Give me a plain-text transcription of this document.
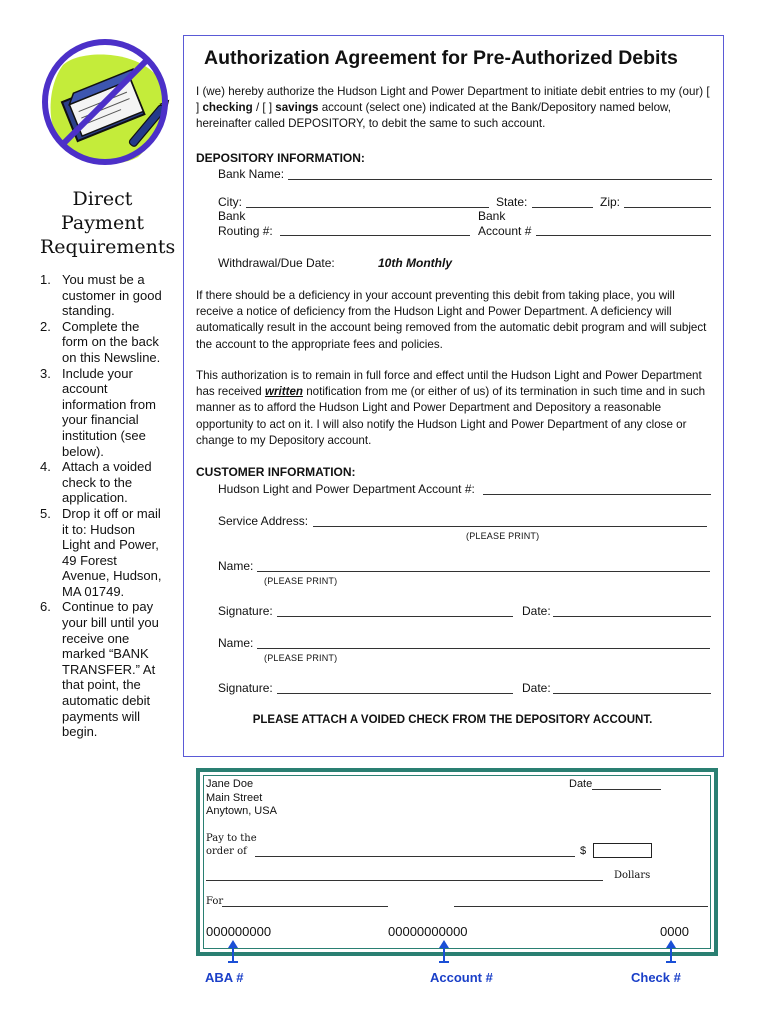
Direct
Payment
Requirements
1. You must be a customer in good standing.
2. Complete the form on the back on this Newsline.
3. Include your account information from your financial institution (see below).
4. Attach a voided check to the application.
5. Drop it off or mail it to: Hudson Light and Power, 49 Forest Avenue, Hudson, MA 01749.
6. Continue to pay your bill until you receive one marked “BANK TRANSFER.” At that point, the automatic debit payments will begin.
Authorization Agreement for Pre-Authorized Debits
I (we) hereby authorize the Hudson Light and Power Department to initiate debit entries to my (our) [ ] checking / [ ] savings account (select one) indicated at the Bank/Depository named below, hereinafter called DEPOSITORY, to debit the same to such account.
DEPOSITORY INFORMATION:
Bank Name:
City:	State:	Zip:
Bank
Routing #:
Bank
Account #
Withdrawal/Due Date:	10th Monthly
If there should be a deficiency in your account preventing this debit from taking place, you will receive a notice of deficiency from the Hudson Light and Power Department. A deficiency will automatically result in the account being removed from the automatic debit program and will subject the account to the appropriate fees and policies.
This authorization is to remain in full force and effect until the Hudson Light and Power Department has received written notification from me (or either of us) of its termination in such time and in such manner as to afford the Hudson Light and Power Department and Depository a reasonable opportunity to act on it. I will also notify the Hudson Light and Power Department of any close or change to my Depository account.
CUSTOMER INFORMATION:
Hudson Light and Power Department Account #:
Service Address:
(PLEASE PRINT)
Name:
(PLEASE PRINT)
Signature:	Date:
Name:
(PLEASE PRINT)
Signature:	Date:
PLEASE ATTACH A VOIDED CHECK FROM THE DEPOSITORY ACCOUNT.
Jane Doe
Main Street
Anytown, USA
Date
Pay to the
order of	$
Dollars
For
000000000	00000000000	0000
ABA #	Account #	Check #
